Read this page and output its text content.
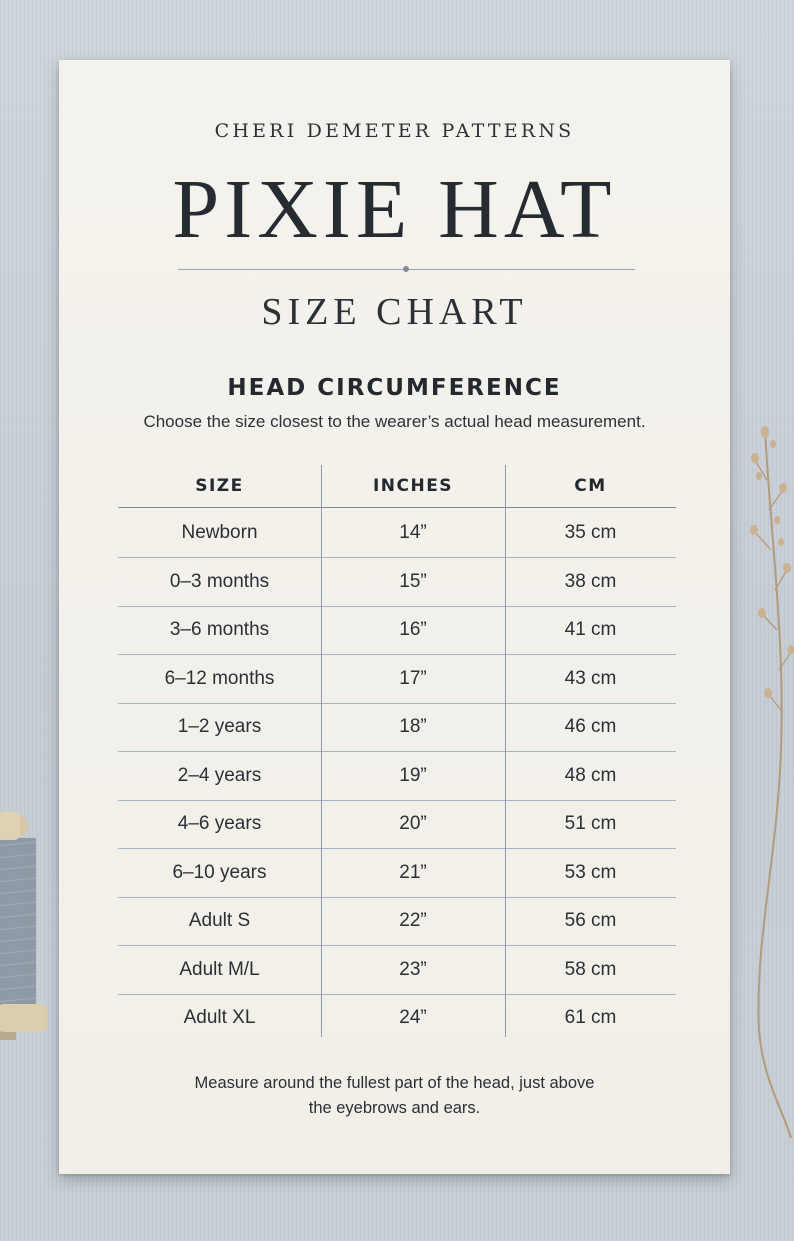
CHERI DEMETER PATTERNS
PIXIE HAT
SIZE CHART
HEAD CIRCUMFERENCE
Choose the size closest to the wearer’s actual head measurement.
SIZE	INCHES	CM
Newborn	14”	35 cm
0–3 months	15”	38 cm
3–6 months	16”	41 cm
6–12 months	17”	43 cm
1–2 years	18”	46 cm
2–4 years	19”	48 cm
4–6 years	20”	51 cm
6–10 years	21”	53 cm
Adult S	22”	56 cm
Adult M/L	23”	58 cm
Adult XL	24”	61 cm
Measure around the fullest part of the head, just above
the eyebrows and ears.
